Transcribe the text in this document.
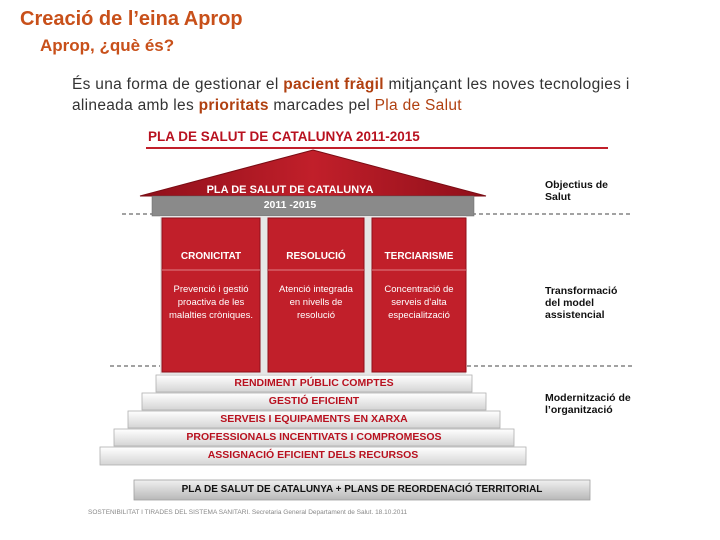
Creació de l’eina Aprop
Aprop, ¿què és?
És una forma de gestionar el pacient fràgil mitjançant les noves tecnologies i alineada amb les prioritats marcades pel Pla de Salut
PLA DE SALUT DE CATALUNYA 2011-2015
PLA DE SALUT DE CATALUNYA
2011 -2015
CRONICITAT	RESOLUCIÓ	TERCIARISME
Prevenció i gestió proactiva de les malalties cròniques.
Atenció integrada en nivells de resolució
Concentració de serveis d’alta especialització
RENDIMENT PÚBLIC COMPTES
GESTIÓ EFICIENT
SERVEIS I EQUIPAMENTS EN XARXA
PROFESSIONALS INCENTIVATS I COMPROMESOS
ASSIGNACIÓ EFICIENT DELS RECURSOS
Objectius de Salut
Transformació del model assistencial
Modernització de l’organització
PLA DE SALUT DE CATALUNYA + PLANS DE REORDENACIÓ TERRITORIAL
SOSTENIBILITAT I TIRADES DEL SISTEMA SANITARI. Secretaria General Departament de Salut. 18.10.2011
